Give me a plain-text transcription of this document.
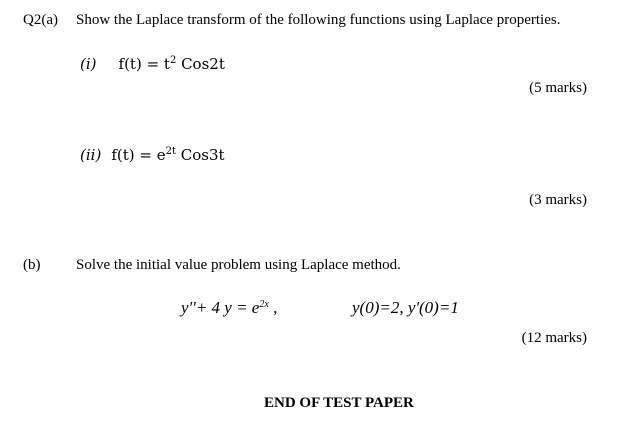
Q2(a) Show the Laplace transform of the following functions using Laplace properties.
(i) $f(t) = t^2$ Cos2t
(5 marks)
(ii) $f(t) = e^{2t}$ Cos3t
(3 marks)
(b) Solve the initial value problem using Laplace method.
y''+ 4 $y = e^{2x}$ ,	y(0)=2, y'(0)=1
(12 marks)
END OF TEST PAPER
